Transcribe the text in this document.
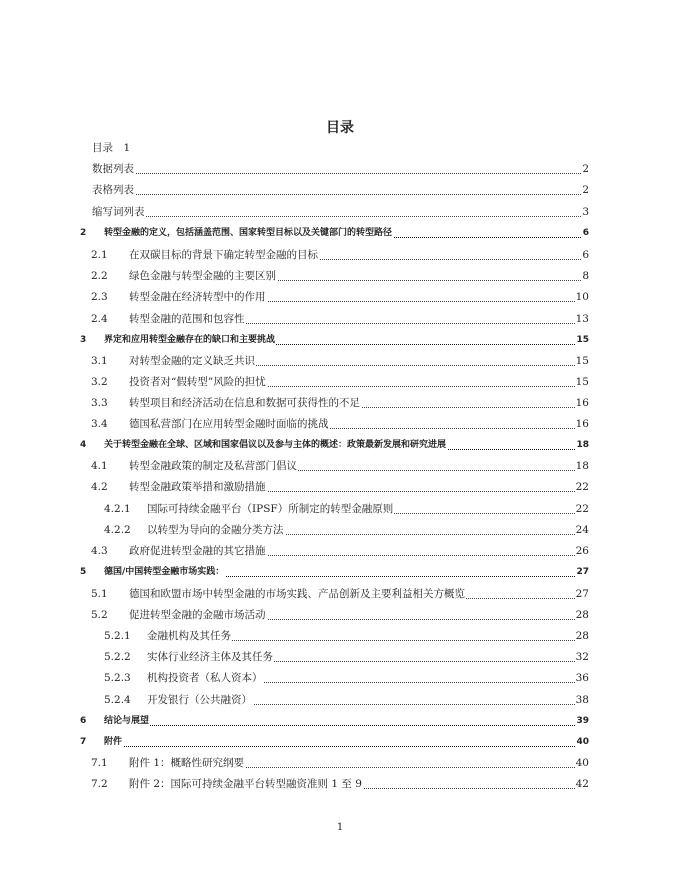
目录
目录　1
数据列表	2
表格列表	2
缩写词列表	3
2 转型金融的定义，包括涵盖范围、国家转型目标以及关键部门的转型路径	6
2.1 在双碳目标的背景下确定转型金融的目标	6
2.2 绿色金融与转型金融的主要区别	8
2.3 转型金融在经济转型中的作用	10
2.4 转型金融的范围和包容性	13
3 界定和应用转型金融存在的缺口和主要挑战	15
3.1 对转型金融的定义缺乏共识	15
3.2 投资者对“假转型”风险的担忧	15
3.3 转型项目和经济活动在信息和数据可获得性的不足	16
3.4 德国私营部门在应用转型金融时面临的挑战	16
4 关于转型金融在全球、区域和国家倡议以及参与主体的概述：政策最新发展和研究进展	18
4.1 转型金融政策的制定及私营部门倡议	18
4.2 转型金融政策举措和激励措施	22
4.2.1 国际可持续金融平台（IPSF）所制定的转型金融原则	22
4.2.2 以转型为导向的金融分类方法	24
4.3 政府促进转型金融的其它措施	26
5 德国/中国转型金融市场实践：	27
5.1 德国和欧盟市场中转型金融的市场实践、产品创新及主要利益相关方概览	27
5.2 促进转型金融的金融市场活动	28
5.2.1 金融机构及其任务	28
5.2.2 实体行业经济主体及其任务	32
5.2.3 机构投资者（私人资本）	36
5.2.4 开发银行（公共融资）	38
6 结论与展望	39
7 附件	40
7.1 附件 1：概略性研究纲要	40
7.2 附件 2：国际可持续金融平台转型融资准则 1 至 9	42
1
